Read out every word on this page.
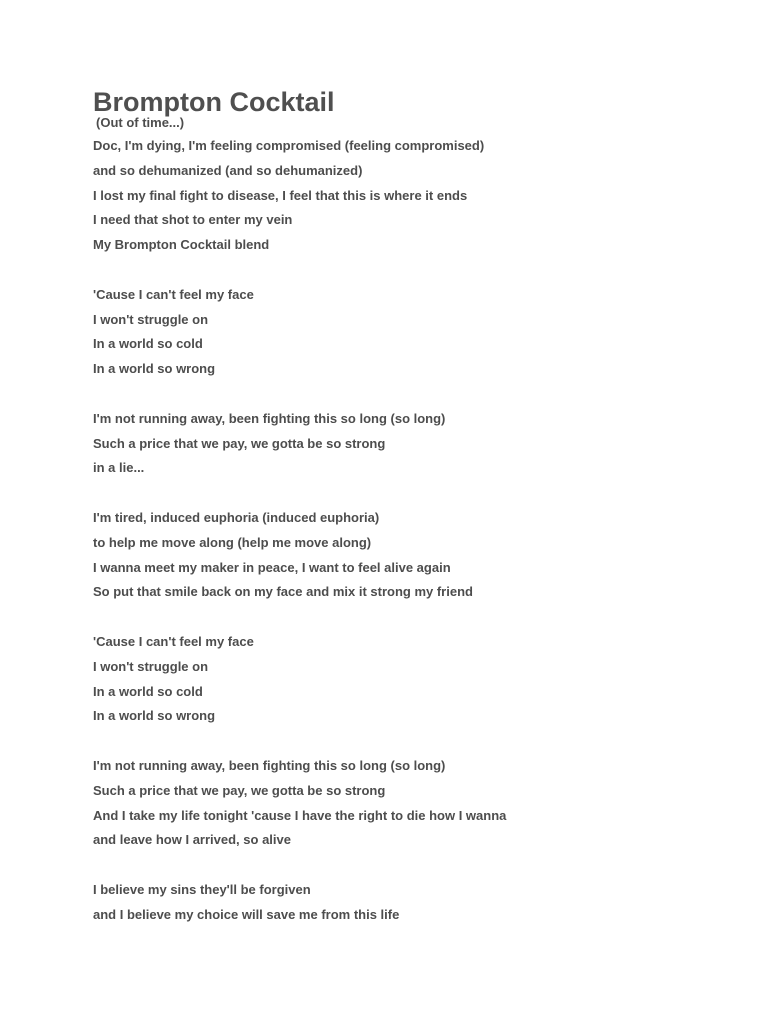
Brompton Cocktail
(Out of time...)
Doc, I'm dying, I'm feeling compromised (feeling compromised)
and so dehumanized (and so dehumanized)
I lost my final fight to disease, I feel that this is where it ends
I need that shot to enter my vein
My Brompton Cocktail blend
'Cause I can't feel my face
I won't struggle on
In a world so cold
In a world so wrong
I'm not running away, been fighting this so long (so long)
Such a price that we pay, we gotta be so strong
in a lie...
I'm tired, induced euphoria (induced euphoria)
to help me move along (help me move along)
I wanna meet my maker in peace, I want to feel alive again
So put that smile back on my face and mix it strong my friend
'Cause I can't feel my face
I won't struggle on
In a world so cold
In a world so wrong
I'm not running away, been fighting this so long (so long)
Such a price that we pay, we gotta be so strong
And I take my life tonight 'cause I have the right to die how I wanna
and leave how I arrived, so alive
I believe my sins they'll be forgiven
and I believe my choice will save me from this life
